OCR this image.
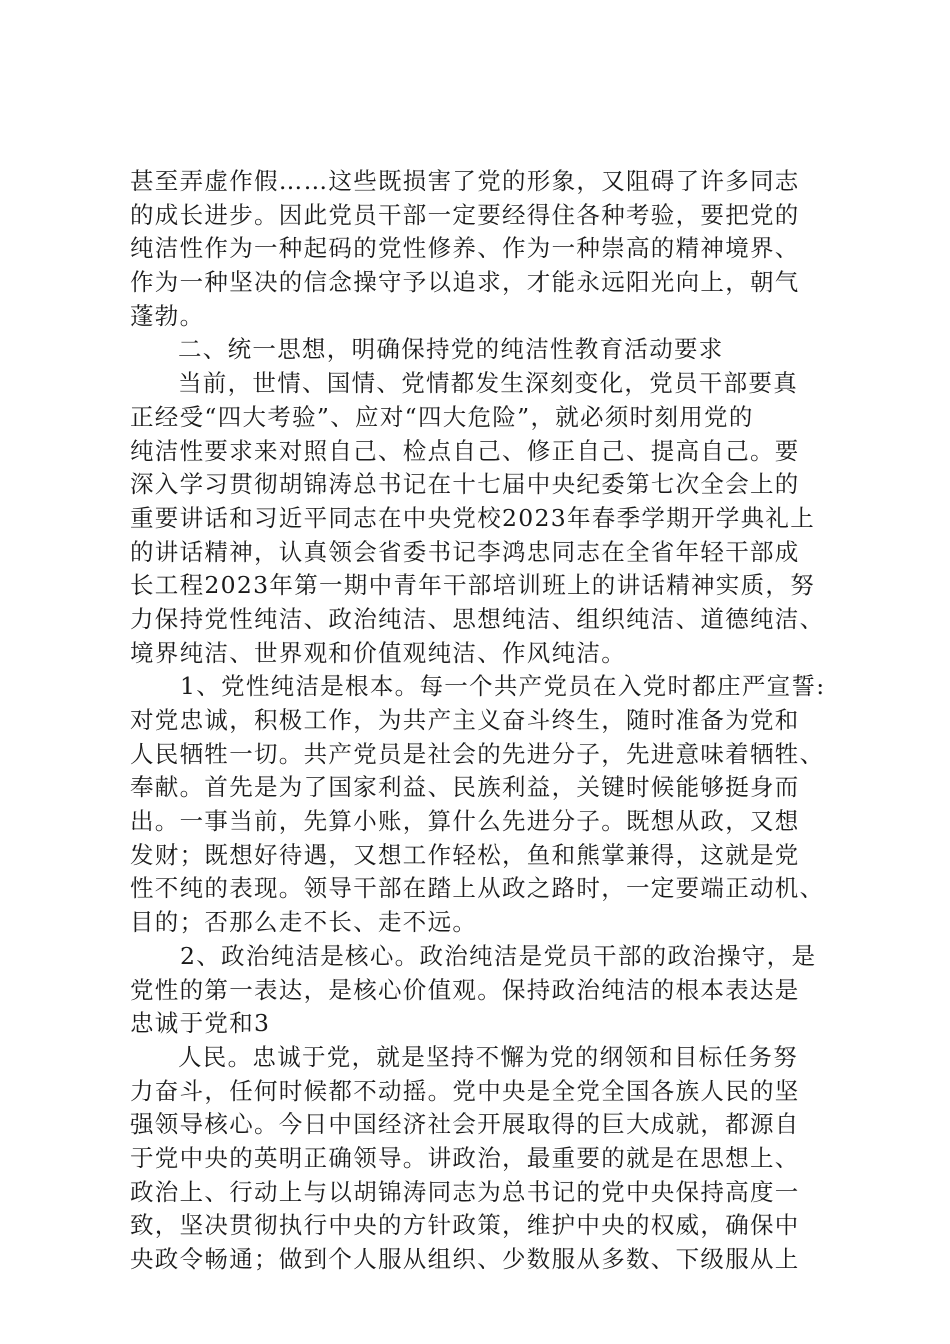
甚至弄虚作假……这些既损害了党的形象，又阻碍了许多同志
的成长进步。因此党员干部一定要经得住各种考验，要把党的
纯洁性作为一种起码的党性修养、作为一种崇高的精神境界、
作为一种坚决的信念操守予以追求，才能永远阳光向上，朝气
蓬勃。
二、统一思想，明确保持党的纯洁性教育活动要求
当前，世情、国情、党情都发生深刻变化，党员干部要真
正经受“四大考验”、应对“四大危险”，就必须时刻用党的
纯洁性要求来对照自己、检点自己、修正自己、提高自己。要
深入学习贯彻胡锦涛总书记在十七届中央纪委第七次全会上的
重要讲话和习近平同志在中央党校2023年春季学期开学典礼上
的讲话精神，认真领会省委书记李鸿忠同志在全省年轻干部成
长工程2023年第一期中青年干部培训班上的讲话精神实质，努
力保持党性纯洁、政治纯洁、思想纯洁、组织纯洁、道德纯洁、
境界纯洁、世界观和价值观纯洁、作风纯洁。
1、党性纯洁是根本。每一个共产党员在入党时都庄严宣誓:
对党忠诚，积极工作，为共产主义奋斗终生，随时准备为党和
人民牺牲一切。共产党员是社会的先进分子，先进意味着牺牲、
奉献。首先是为了国家利益、民族利益，关键时候能够挺身而
出。一事当前，先算小账，算什么先进分子。既想从政，又想
发财；既想好待遇，又想工作轻松，鱼和熊掌兼得，这就是党
性不纯的表现。领导干部在踏上从政之路时，一定要端正动机、
目的；否那么走不长、走不远。
2、政治纯洁是核心。政治纯洁是党员干部的政治操守，是
党性的第一表达，是核心价值观。保持政治纯洁的根本表达是
忠诚于党和3
人民。忠诚于党，就是坚持不懈为党的纲领和目标任务努
力奋斗，任何时候都不动摇。党中央是全党全国各族人民的坚
强领导核心。今日中国经济社会开展取得的巨大成就，都源自
于党中央的英明正确领导。讲政治，最重要的就是在思想上、
政治上、行动上与以胡锦涛同志为总书记的党中央保持高度一
致，坚决贯彻执行中央的方针政策，维护中央的权威，确保中
央政令畅通；做到个人服从组织、少数服从多数、下级服从上
